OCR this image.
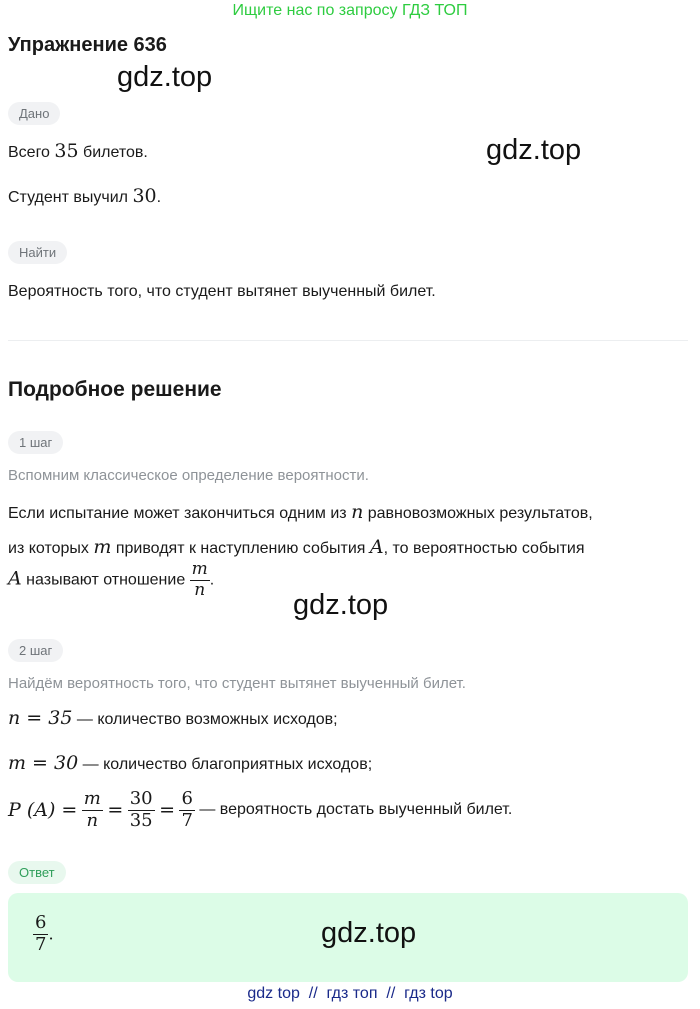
Ищите нас по запросу ГДЗ ТОП
Упражнение 636
gdz.top
Дано
gdz.top
Всего 35 билетов.
Студент выучил 30.
Найти
Вероятность того, что студент вытянет выученный билет.
Подробное решение
1 шаг
Вспомним классическое определение вероятности.
Если испытание может закончиться одним из n равновозможных результатов,
из которых m приводят к наступлению события A, то вероятностью события
A называют отношение $\frac{m}{n}$ .
gdz.top
2 шаг
Найдём вероятность того, что студент вытянет выученный билет.
n = 35 — количество возможных исходов;
m = 30 — количество благоприятных исходов;
P $(A) = \frac{m}{n} = \frac{30}{35} = \frac{6}{7}$ — вероятность достать выученный билет.
Ответ
$\frac{6}{7}$ .	gdz.top
gdz top  //  гдз топ  //  гдз top
